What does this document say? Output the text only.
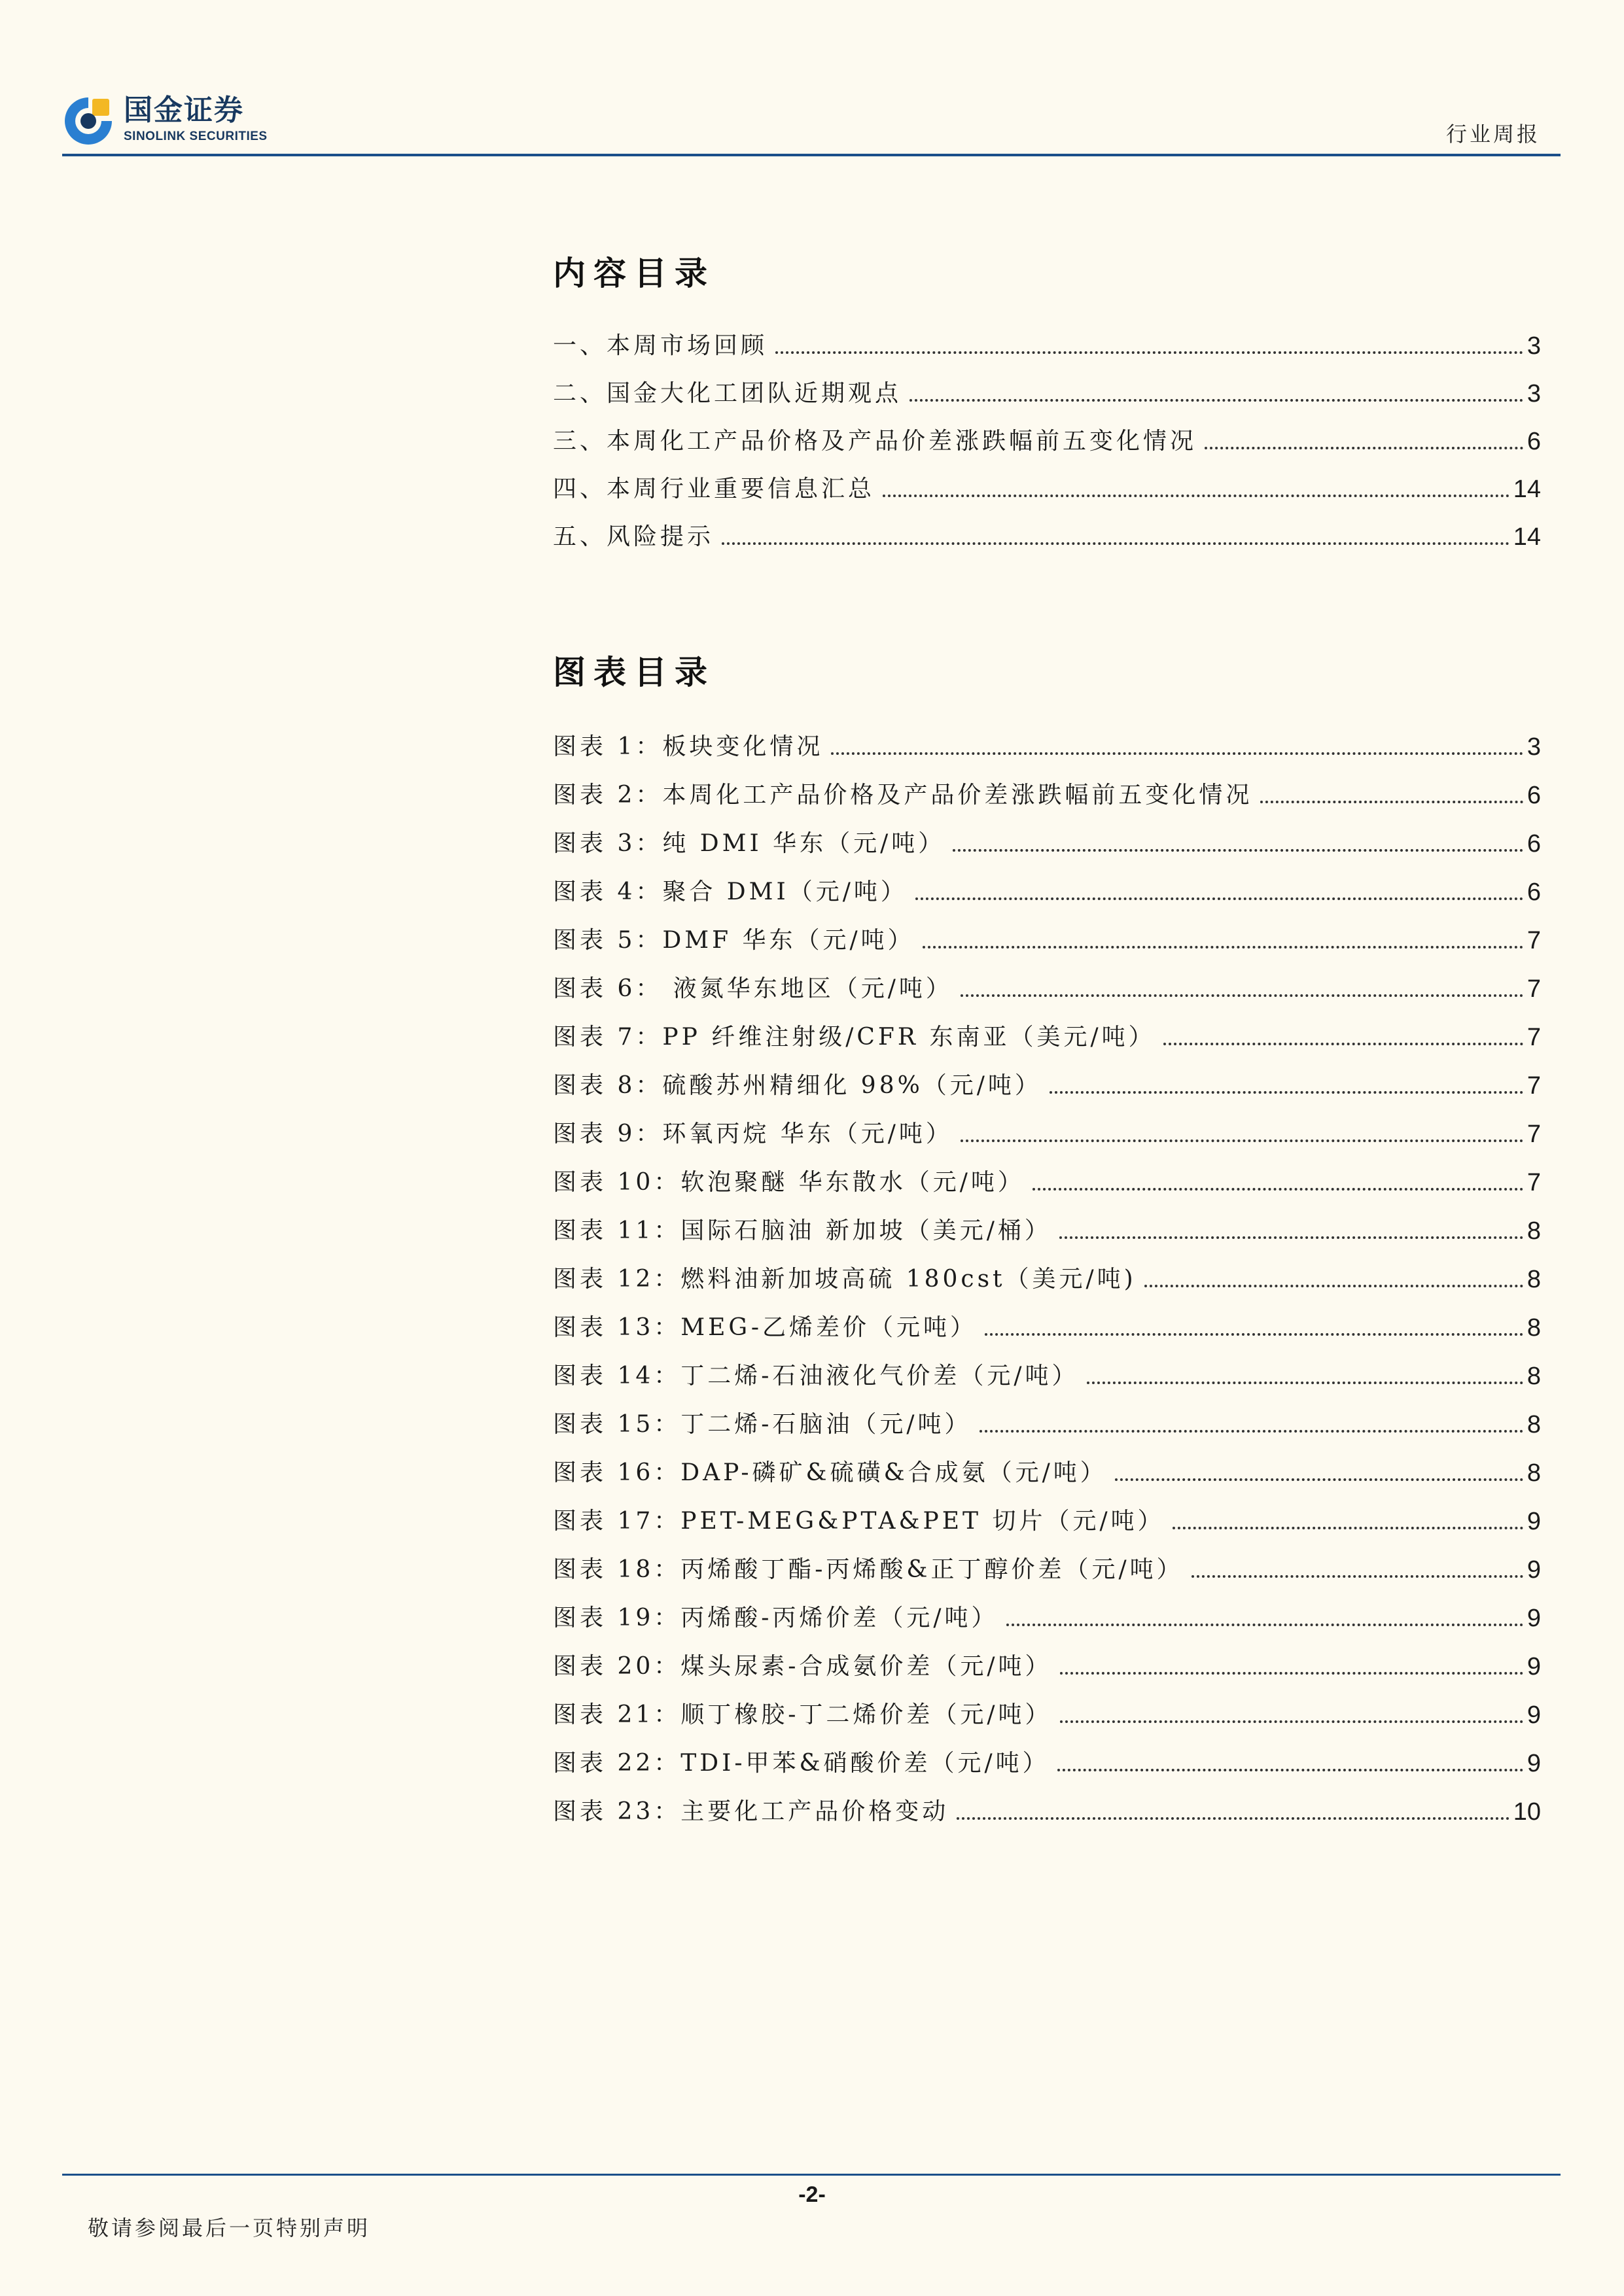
国金证券
SINOLINK SECURITIES	行业周报
内容目录
一、本周市场回顾	3
二、国金大化工团队近期观点	3
三、本周化工产品价格及产品价差涨跌幅前五变化情况	6
四、本周行业重要信息汇总	14
五、风险提示	14
图表目录
图表 1：板块变化情况	3
图表 2：本周化工产品价格及产品价差涨跌幅前五变化情况	6
图表 3：纯 DMI 华东（元/吨）	6
图表 4：聚合 DMI（元/吨）	6
图表 5：DMF 华东（元/吨）	7
图表 6： 液氮华东地区（元/吨）	7
图表 7：PP 纤维注射级/CFR 东南亚（美元/吨）	7
图表 8：硫酸苏州精细化 98%（元/吨）	7
图表 9：环氧丙烷 华东（元/吨）	7
图表 10：软泡聚醚 华东散水（元/吨）	7
图表 11：国际石脑油 新加坡（美元/桶）	8
图表 12：燃料油新加坡高硫 180cst（美元/吨)	8
图表 13：MEG-乙烯差价（元吨）	8
图表 14：丁二烯-石油液化气价差（元/吨）	8
图表 15：丁二烯-石脑油（元/吨）	8
图表 16：DAP-磷矿&硫磺&合成氨（元/吨）	8
图表 17：PET-MEG&PTA&PET 切片（元/吨）	9
图表 18：丙烯酸丁酯-丙烯酸&正丁醇价差（元/吨）	9
图表 19：丙烯酸-丙烯价差（元/吨）	9
图表 20：煤头尿素-合成氨价差（元/吨）	9
图表 21：顺丁橡胶-丁二烯价差（元/吨）	9
图表 22：TDI-甲苯&硝酸价差（元/吨）	9
图表 23：主要化工产品价格变动	10
-2-
敬请参阅最后一页特别声明
